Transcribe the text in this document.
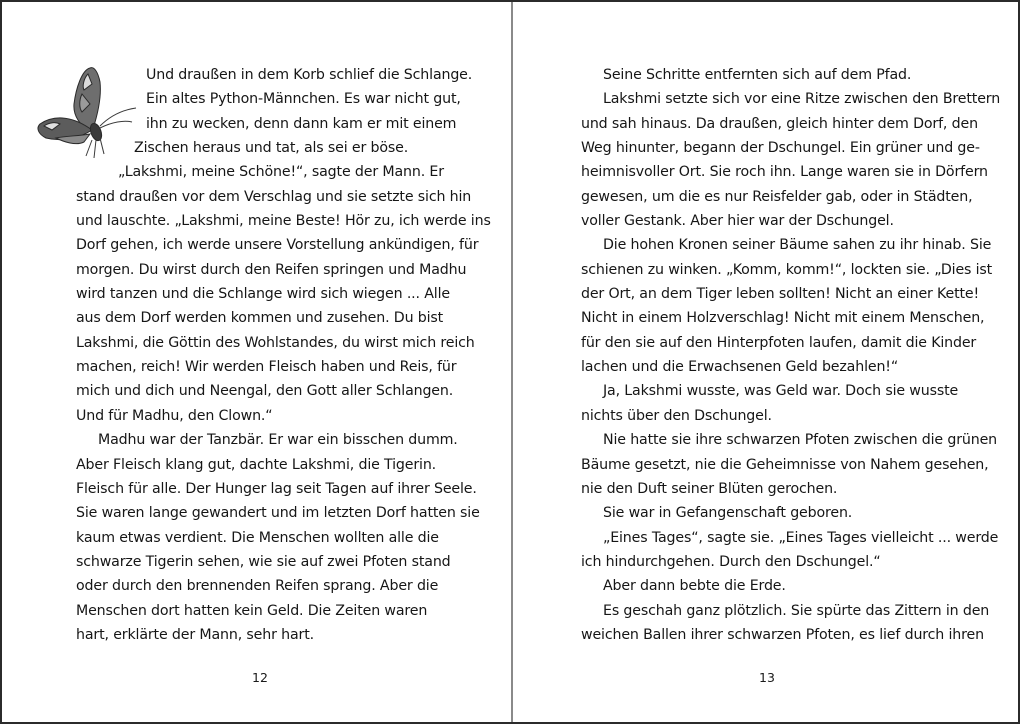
Und draußen in dem Korb schlief die Schlange.
Ein altes Python-Männchen. Es war nicht gut,
ihn zu wecken, denn dann kam er mit einem
Zischen heraus und tat, als sei er böse.
„Lakshmi, meine Schöne!“, sagte der Mann. Er
stand draußen vor dem Verschlag und sie setzte sich hin
und lauschte. „Lakshmi, meine Beste! Hör zu, ich werde ins
Dorf gehen, ich werde unsere Vorstellung ankündigen, für
morgen. Du wirst durch den Reifen springen und Madhu
wird tanzen und die Schlange wird sich wiegen ... Alle
aus dem Dorf werden kommen und zusehen. Du bist
Lakshmi, die Göttin des Wohlstandes, du wirst mich reich
machen, reich! Wir werden Fleisch haben und Reis, für
mich und dich und Neengal, den Gott aller Schlangen.
Und für Madhu, den Clown.“
Madhu war der Tanzbär. Er war ein bisschen dumm.
Aber Fleisch klang gut, dachte Lakshmi, die Tigerin.
Fleisch für alle. Der Hunger lag seit Tagen auf ihrer Seele.
Sie waren lange gewandert und im letzten Dorf hatten sie
kaum etwas verdient. Die Menschen wollten alle die
schwarze Tigerin sehen, wie sie auf zwei Pfoten stand
oder durch den brennenden Reifen sprang. Aber die
Menschen dort hatten kein Geld. Die Zeiten waren
hart, erklärte der Mann, sehr hart.
12
Seine Schritte entfernten sich auf dem Pfad.
Lakshmi setzte sich vor eine Ritze zwischen den Brettern
und sah hinaus. Da draußen, gleich hinter dem Dorf, den
Weg hinunter, begann der Dschungel. Ein grüner und ge-
heimnisvoller Ort. Sie roch ihn. Lange waren sie in Dörfern
gewesen, um die es nur Reisfelder gab, oder in Städten,
voller Gestank. Aber hier war der Dschungel.
Die hohen Kronen seiner Bäume sahen zu ihr hinab. Sie
schienen zu winken. „Komm, komm!“, lockten sie. „Dies ist
der Ort, an dem Tiger leben sollten! Nicht an einer Kette!
Nicht in einem Holzverschlag! Nicht mit einem Menschen,
für den sie auf den Hinterpfoten laufen, damit die Kinder
lachen und die Erwachsenen Geld bezahlen!“
Ja, Lakshmi wusste, was Geld war. Doch sie wusste
nichts über den Dschungel.
Nie hatte sie ihre schwarzen Pfoten zwischen die grünen
Bäume gesetzt, nie die Geheimnisse von Nahem gesehen,
nie den Duft seiner Blüten gerochen.
Sie war in Gefangenschaft geboren.
„Eines Tages“, sagte sie. „Eines Tages vielleicht ... werde
ich hindurchgehen. Durch den Dschungel.“
Aber dann bebte die Erde.
Es geschah ganz plötzlich. Sie spürte das Zittern in den
weichen Ballen ihrer schwarzen Pfoten, es lief durch ihren
13
